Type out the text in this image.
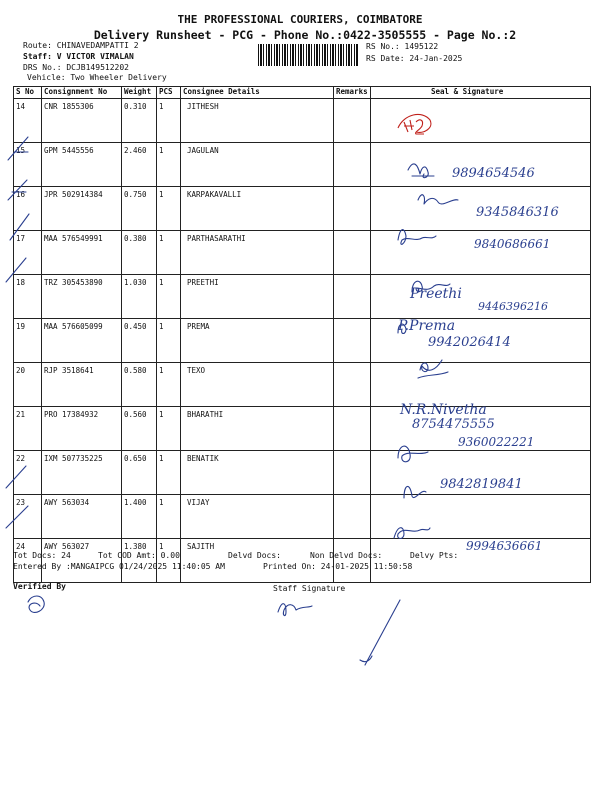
THE PROFESSIONAL COURIERS, COIMBATORE
Delivery Runsheet - PCG - Phone No.:0422-3505555 - Page No.:2
Route: CHINAVEDAMPATTI 2
Staff: V VICTOR VIMALAN
DRS No.: DCJB149512202
Vehicle: Two Wheeler Delivery
RS No.: 1495122
RS Date: 24-Jan-2025
S No	Consignment No	Weight	PCS	Consignee Details	Remarks	Seal & Signature
14	CNR 1855306	0.310	1	JITHESH		
15	GPM 5445556	2.460	1	JAGULAN		
16	JPR 502914384	0.750	1	KARPAKAVALLI		
17	MAA 576549991	0.380	1	PARTHASARATHI		
18	TRZ 305453890	1.030	1	PREETHI		
19	MAA 576605099	0.450	1	PREMA		
20	RJP 3518641	0.580	1	TEXO		
21	PRO 17384932	0.560	1	BHARATHI		
22	IXM 507735225	0.650	1	BENATIK		
23	AWY 563034	1.400	1	VIJAY		
24	AWY 563027	1.380	1	SAJITH		
Tot Docs: 24	Tot COD Amt: 0.00	Delvd Docs:	Non Delvd Docs:	Delvy Pts:
Entered By :MANGAIPCG 01/24/2025 11:40:05 AM	Printed On: 24-01-2025 11:50:58
Verified By	Staff Signature
9894654546
9345846316
9840686661
Preethi
9446396216
P.Prema
9942026414
N.R.Nivetha
8754475555
9360022221
9842819841
9994636661
